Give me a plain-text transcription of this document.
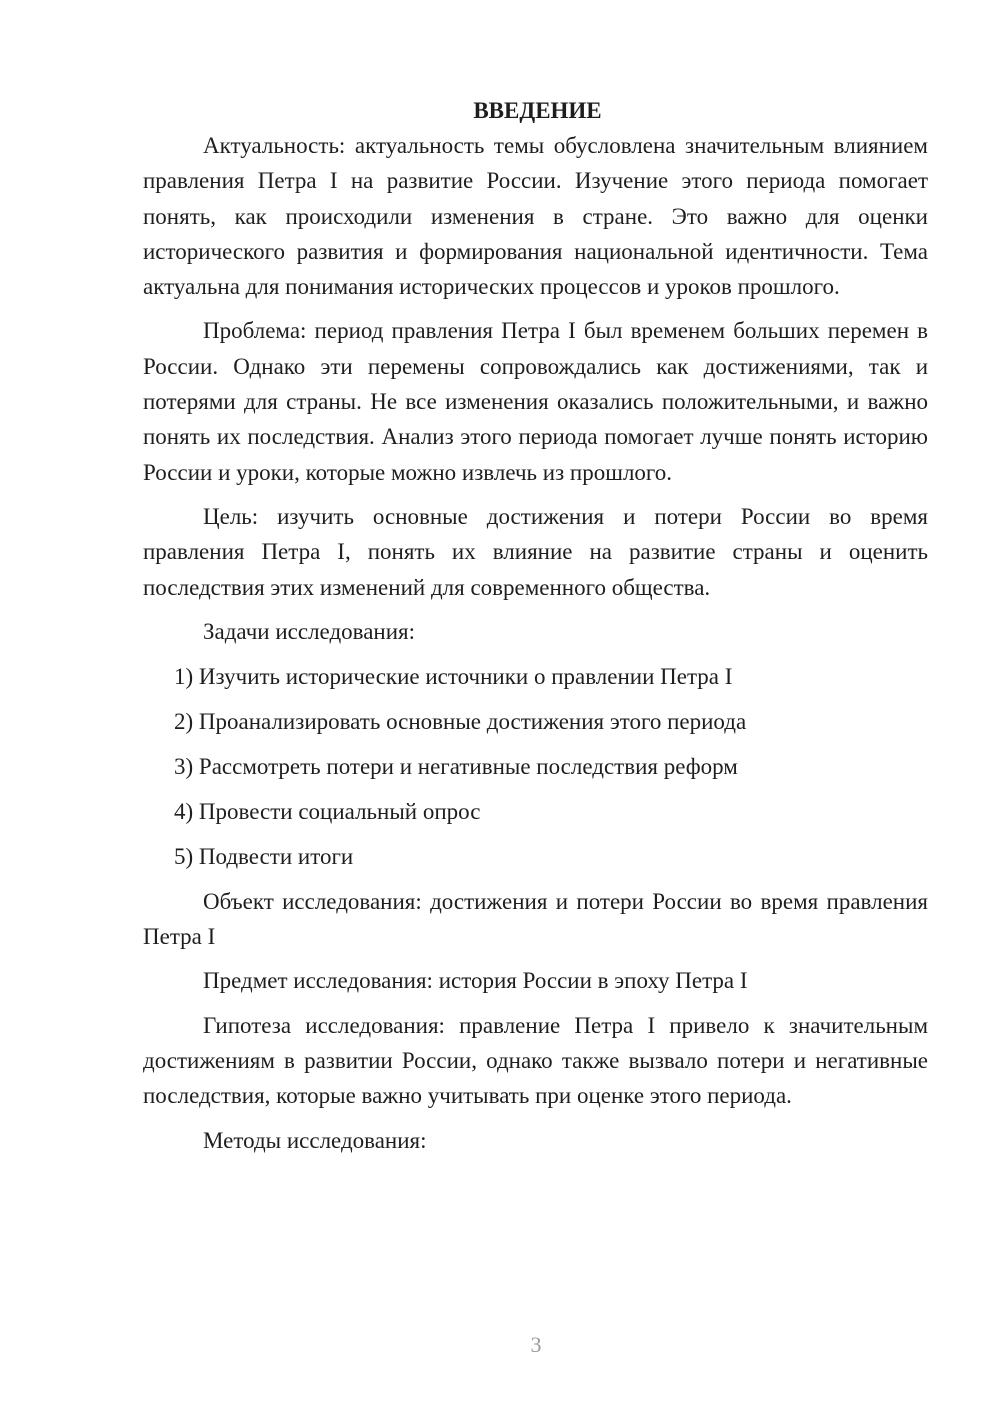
ВВЕДЕНИЕ

Актуальность: актуальность темы обусловлена значительным влиянием правления Петра I на развитие России. Изучение этого периода помогает понять, как происходили изменения в стране. Это важно для оценки исторического развития и формирования национальной идентичности. Тема актуальна для понимания исторических процессов и уроков прошлого.

Проблема: период правления Петра I был временем больших перемен в России. Однако эти перемены сопровождались как достижениями, так и потерями для страны. Не все изменения оказались положительными, и важно понять их последствия. Анализ этого периода помогает лучше понять историю России и уроки, которые можно извлечь из прошлого.

Цель: изучить основные достижения и потери России во время правления Петра I, понять их влияние на развитие страны и оценить последствия этих изменений для современного общества.

Задачи исследования:
1) Изучить исторические источники о правлении Петра I
2) Проанализировать основные достижения этого периода
3) Рассмотреть потери и негативные последствия реформ
4) Провести социальный опрос
5) Подвести итоги

Объект исследования: достижения и потери России во время правления Петра I

Предмет исследования: история России в эпоху Петра I

Гипотеза исследования: правление Петра I привело к значительным достижениям в развитии России, однако также вызвало потери и негативные последствия, которые важно учитывать при оценке этого периода.

Методы исследования:
3
